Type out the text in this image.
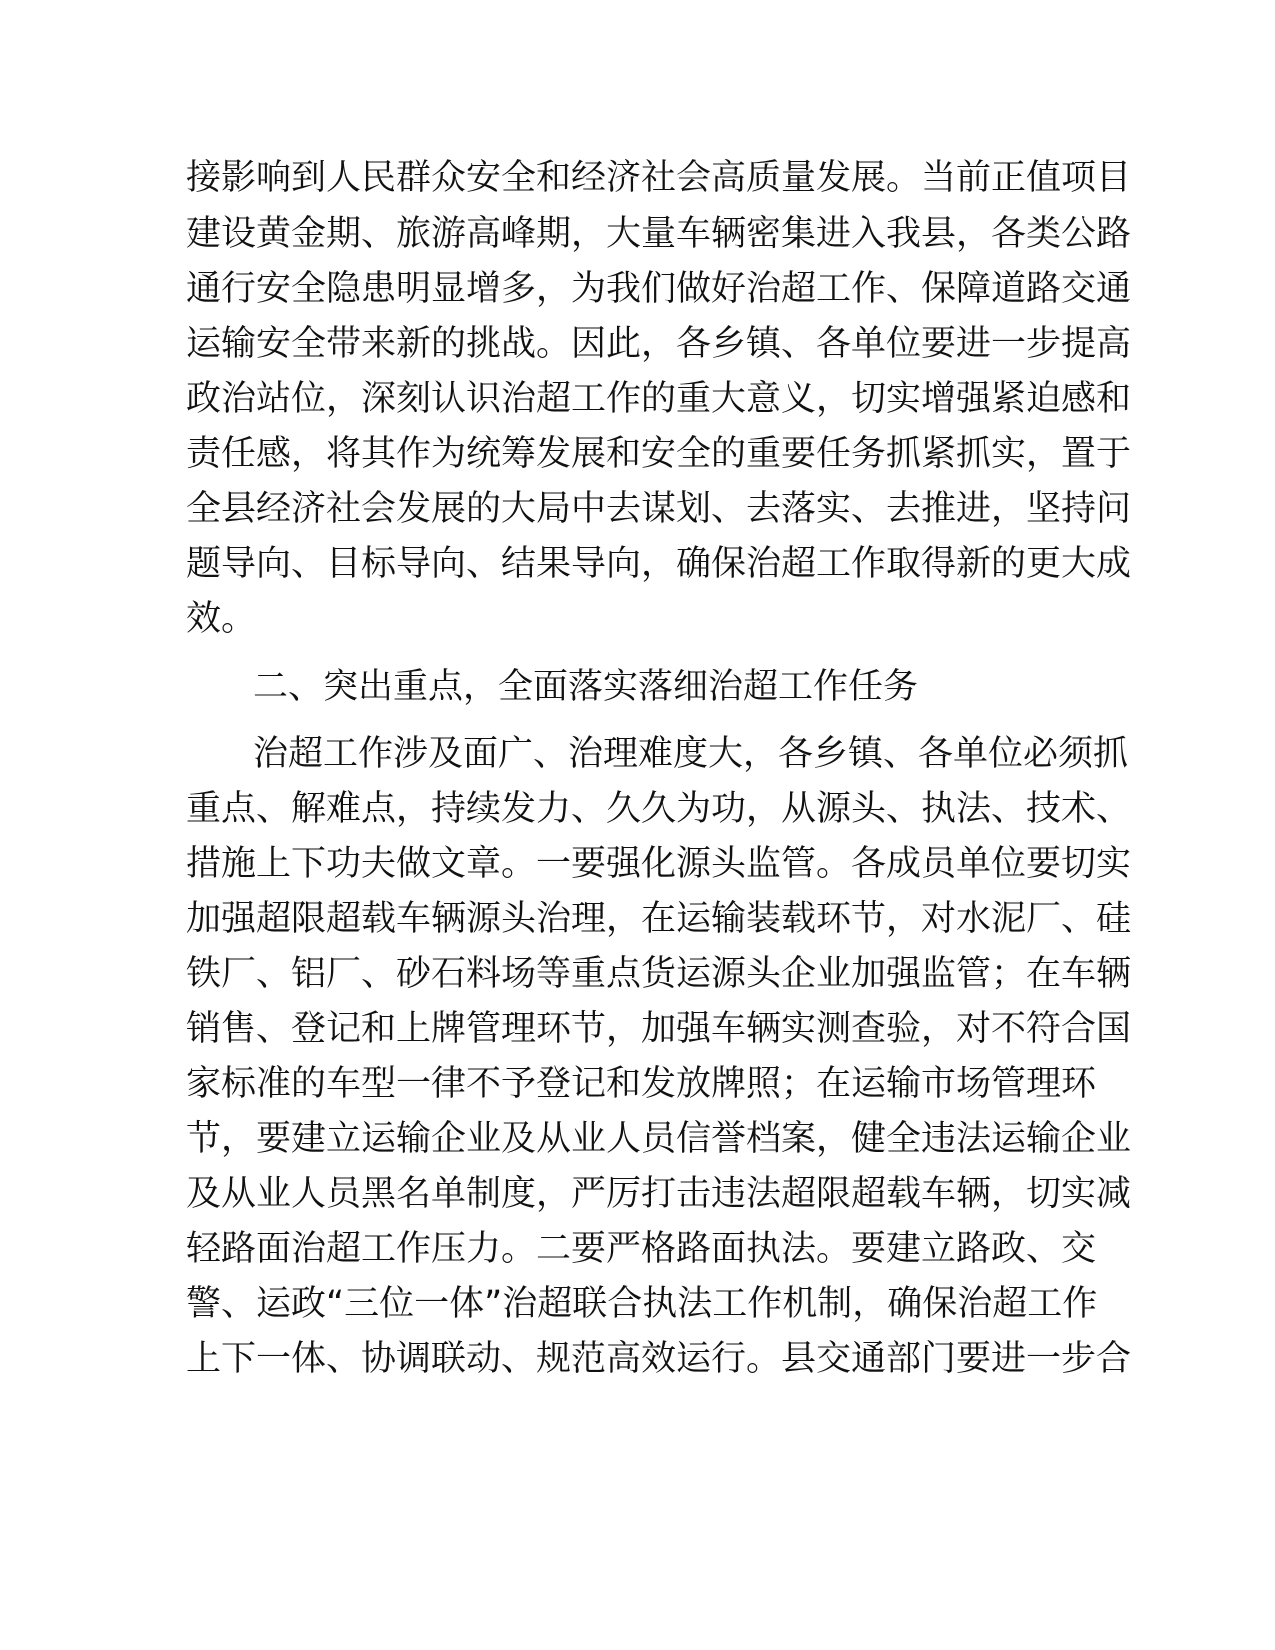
接影响到人民群众安全和经济社会高质量发展。当前正值项目
建设黄金期、旅游高峰期，大量车辆密集进入我县，各类公路
通行安全隐患明显增多，为我们做好治超工作、保障道路交通
运输安全带来新的挑战。因此，各乡镇、各单位要进一步提高
政治站位，深刻认识治超工作的重大意义，切实增强紧迫感和
责任感，将其作为统筹发展和安全的重要任务抓紧抓实，置于
全县经济社会发展的大局中去谋划、去落实、去推进，坚持问
题导向、目标导向、结果导向，确保治超工作取得新的更大成
效。
二、突出重点，全面落实落细治超工作任务
治超工作涉及面广、治理难度大，各乡镇、各单位必须抓
重点、解难点，持续发力、久久为功，从源头、执法、技术、
措施上下功夫做文章。一要强化源头监管。各成员单位要切实
加强超限超载车辆源头治理，在运输装载环节，对水泥厂、硅
铁厂、铝厂、砂石料场等重点货运源头企业加强监管；在车辆
销售、登记和上牌管理环节，加强车辆实测查验，对不符合国
家标准的车型一律不予登记和发放牌照；在运输市场管理环
节，要建立运输企业及从业人员信誉档案，健全违法运输企业
及从业人员黑名单制度，严厉打击违法超限超载车辆，切实减
轻路面治超工作压力。二要严格路面执法。要建立路政、交
警、运政“三位一体”治超联合执法工作机制，确保治超工作
上下一体、协调联动、规范高效运行。县交通部门要进一步合
